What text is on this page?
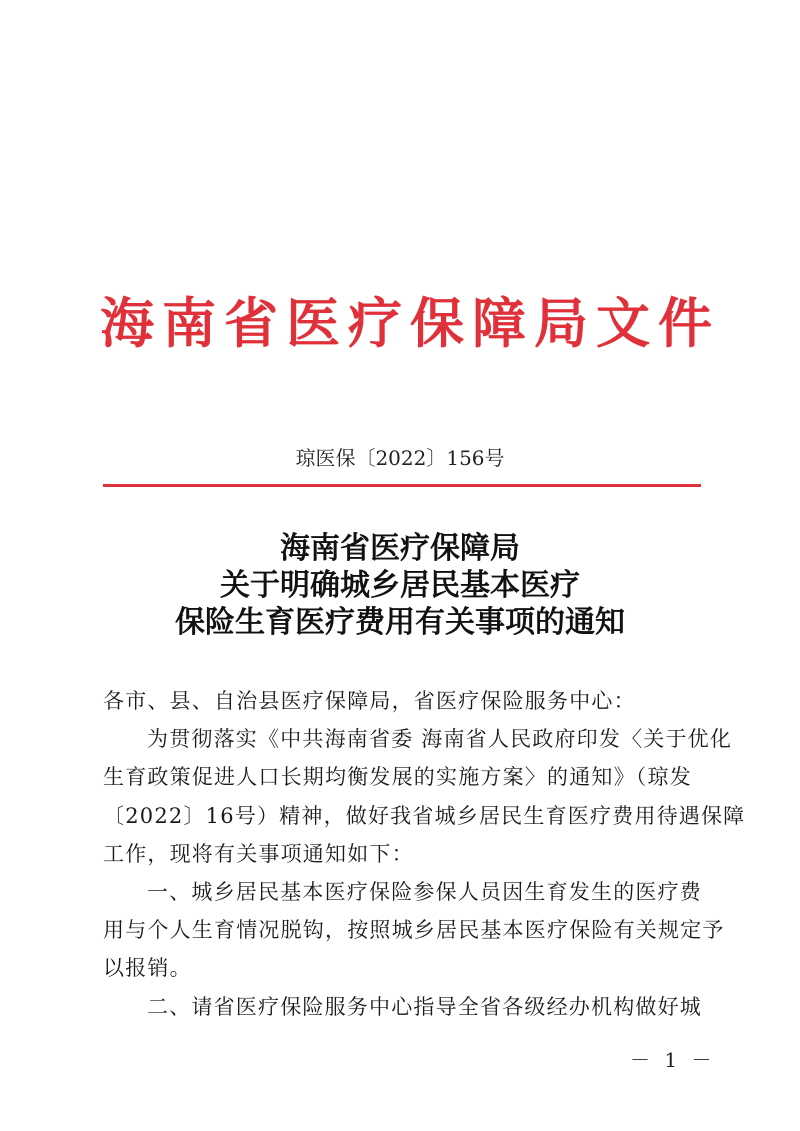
海南省医疗保障局文件
琼医保〔2022〕156号
海南省医疗保障局
关于明确城乡居民基本医疗
保险生育医疗费用有关事项的通知

各市、县、自治县医疗保障局，省医疗保险服务中心：

为贯彻落实《中共海南省委 海南省人民政府印发〈关于优化

生育政策促进人口长期均衡发展的实施方案〉的通知》（琼发

〔2022〕16号）精神，做好我省城乡居民生育医疗费用待遇保障

工作，现将有关事项通知如下：

一、城乡居民基本医疗保险参保人员因生育发生的医疗费

用与个人生育情况脱钩，按照城乡居民基本医疗保险有关规定予

以报销。

二、请省医疗保险服务中心指导全省各级经办机构做好城

－ 1 －
